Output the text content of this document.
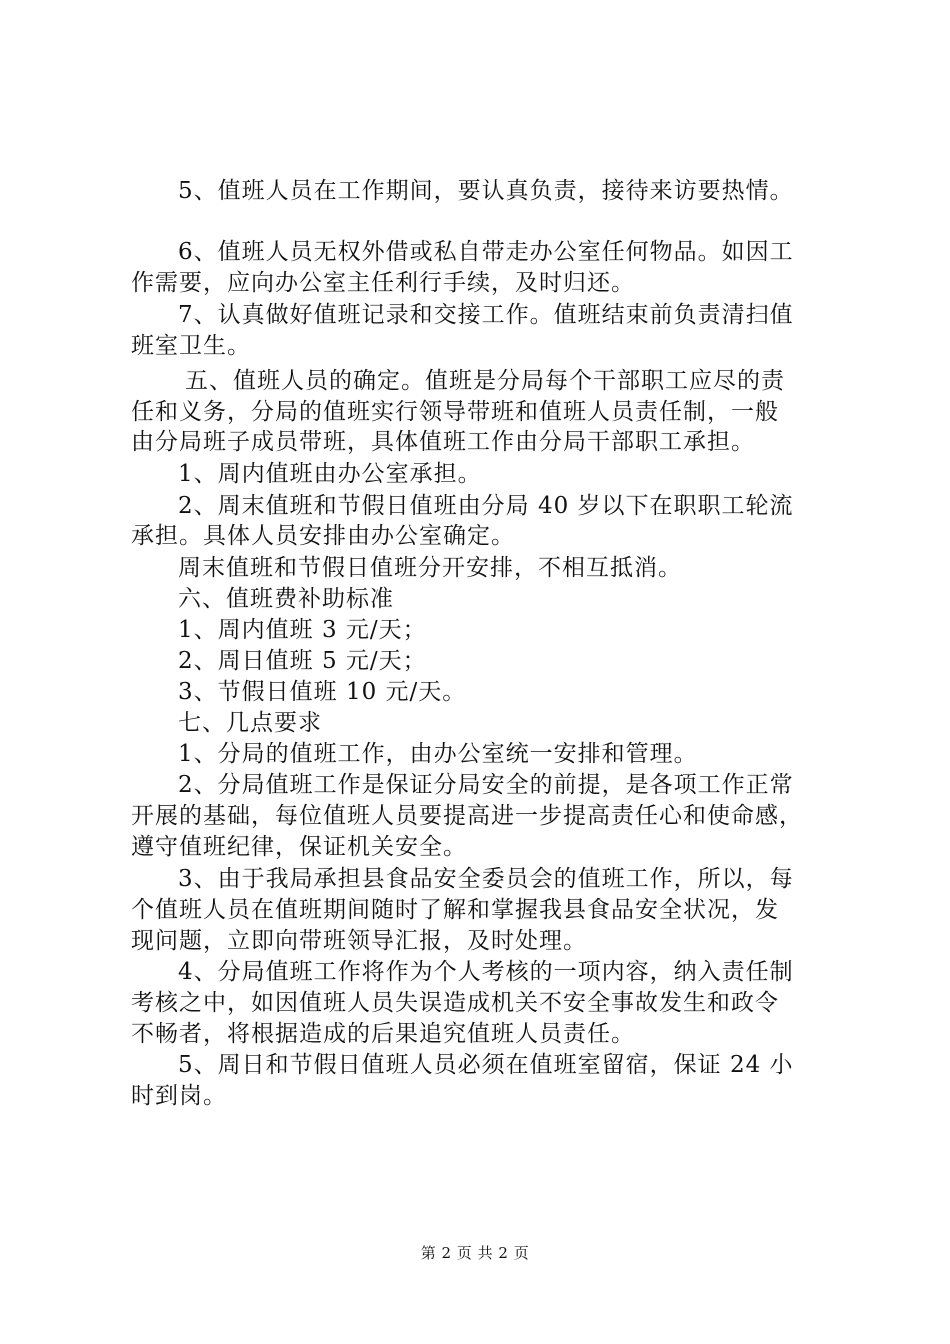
5、值班人员在工作期间，要认真负责，接待来访要热情。
6、值班人员无权外借或私自带走办公室任何物品。如因工
作需要，应向办公室主任利行手续，及时归还。
7、认真做好值班记录和交接工作。值班结束前负责清扫值
班室卫生。
五、值班人员的确定。值班是分局每个干部职工应尽的责
任和义务，分局的值班实行领导带班和值班人员责任制，一般
由分局班子成员带班，具体值班工作由分局干部职工承担。
1、周内值班由办公室承担。
2、周末值班和节假日值班由分局 40 岁以下在职职工轮流
承担。具体人员安排由办公室确定。
周末值班和节假日值班分开安排，不相互抵消。
六、值班费补助标准
1、周内值班 3 元/天；
2、周日值班 5 元/天；
3、节假日值班 10 元/天。
七、几点要求
1、分局的值班工作，由办公室统一安排和管理。
2、分局值班工作是保证分局安全的前提，是各项工作正常
开展的基础，每位值班人员要提高进一步提高责任心和使命感，
遵守值班纪律，保证机关安全。
3、由于我局承担县食品安全委员会的值班工作，所以，每
个值班人员在值班期间随时了解和掌握我县食品安全状况，发
现问题，立即向带班领导汇报，及时处理。
4、分局值班工作将作为个人考核的一项内容，纳入责任制
考核之中，如因值班人员失误造成机关不安全事故发生和政令
不畅者，将根据造成的后果追究值班人员责任。
5、周日和节假日值班人员必须在值班室留宿，保证 24 小
时到岗。
第 2 页 共 2 页
